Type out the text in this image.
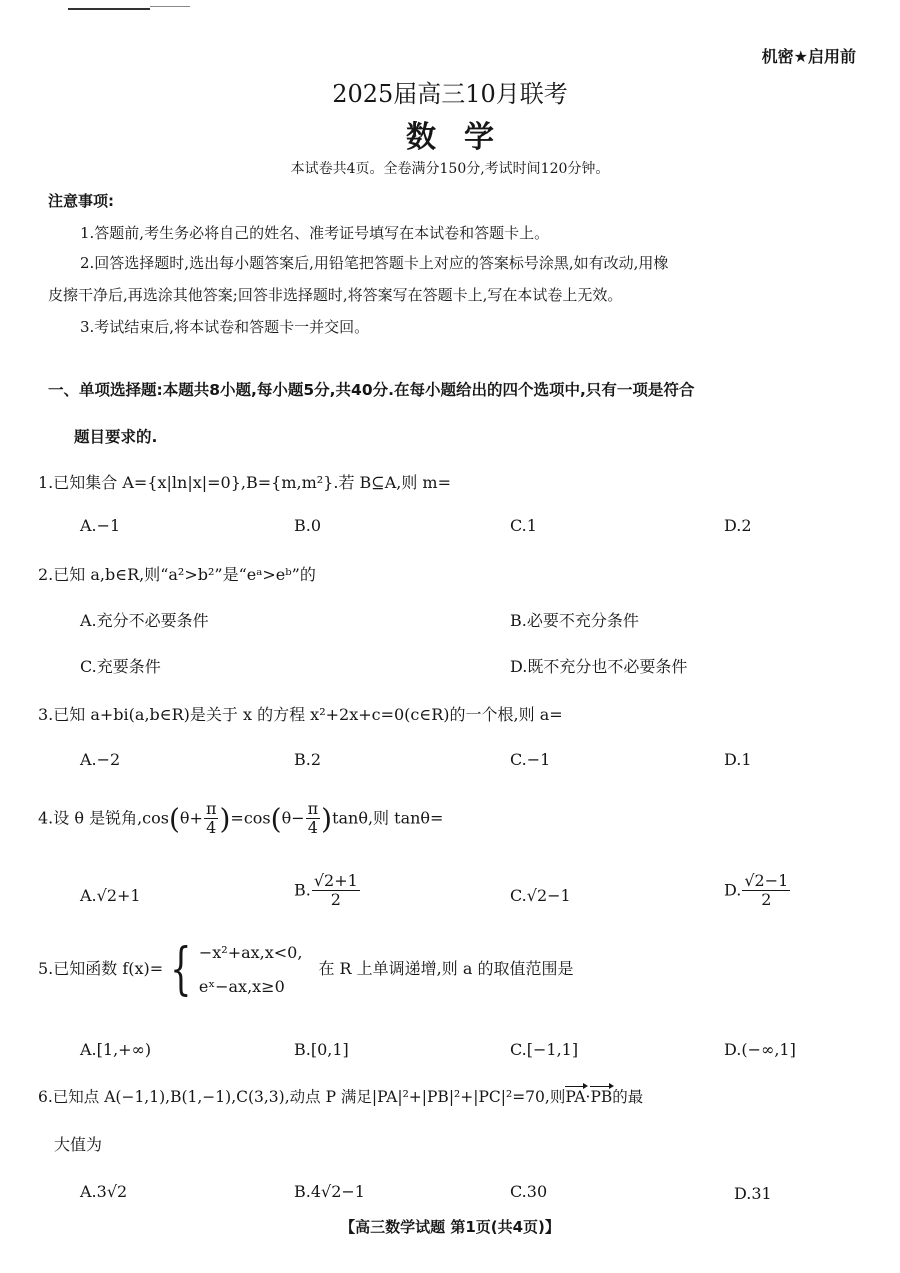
机密★启用前
2025届高三10月联考
数学
本试卷共4页。全卷满分150分,考试时间120分钟。
注意事项:
1.答题前,考生务必将自己的姓名、准考证号填写在本试卷和答题卡上。
2.回答选择题时,选出每小题答案后,用铅笔把答题卡上对应的答案标号涂黑,如有改动,用橡
皮擦干净后,再选涂其他答案;回答非选择题时,将答案写在答题卡上,写在本试卷上无效。
3.考试结束后,将本试卷和答题卡一并交回。
一、单项选择题:本题共8小题,每小题5分,共40分.在每小题给出的四个选项中,只有一项是符合
题目要求的.
1.已知集合 A={x|ln|x|=0},B={m,m²}.若 B⊆A,则 m=
A.−1	B.0	C.1	D.2
2.已知 a,b∈R,则“a²>b²”是“eᵃ>eᵇ”的
A.充分不必要条件	B.必要不充分条件
C.充要条件	D.既不充分也不必要条件
3.已知 a+bi(a,b∈R)是关于 x 的方程 x²+2x+c=0(c∈R)的一个根,则 a=
A.−2	B.2	C.−1	D.1
4.设 θ 是锐角$,\cos(\theta+ \frac{\pi}{4} )=\cos(\theta- \frac{\pi}{4} )\tan\theta$,则 tanθ=
A.√2+1	B. $\frac{√2+1}{2}$	C.√2−1	D. $\frac{√2-1}{2}$
5.已知函数 f(x)= { −x²+ax,x<0,
eˣ−ax,x≥0
在 R 上单调递增,则 a 的取值范围是
A.[1,+∞)	B.[0,1]	C.[−1,1]	D.(−∞,1]
6.已知点 A(−1,1),B(1,−1),C(3,3),动点 P 满足|PA|²+|PB|²+|PC|²=70,则PA·PB的最
大值为
A.3√2	B.4√2−1	C.30	D.31
【高三数学试题 第1页(共4页)】
